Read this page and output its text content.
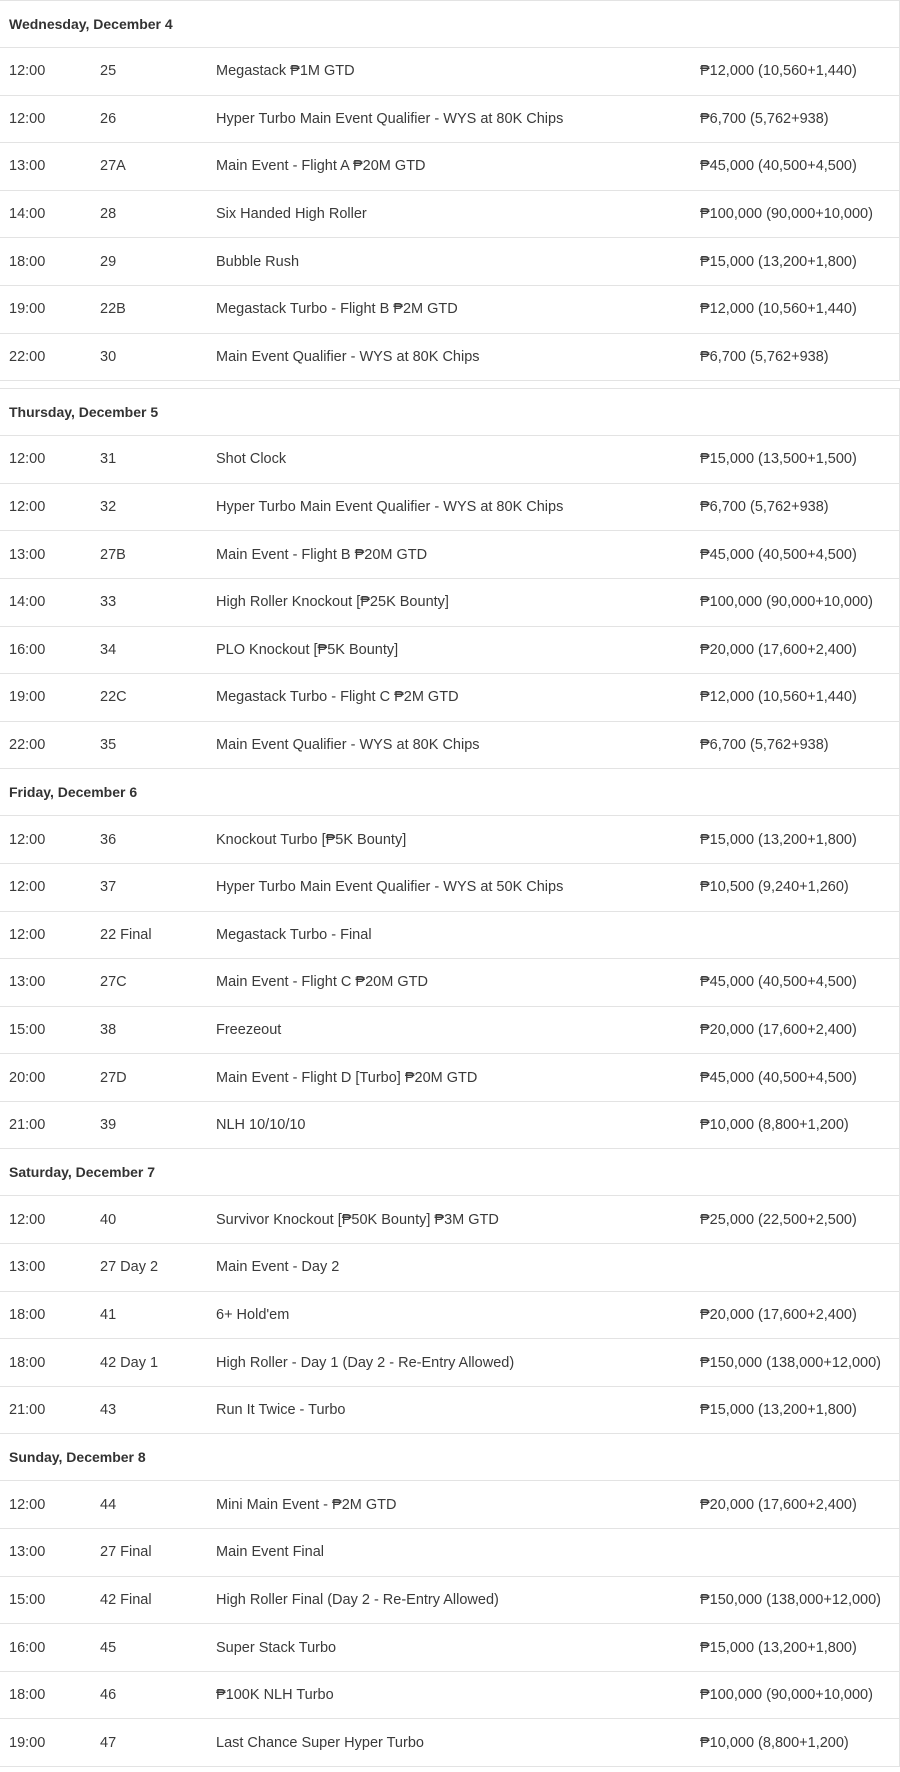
Wednesday, December 4
12:00	25	Megastack ₱1M GTD	₱12,000 (10,560+1,440)
12:00	26	Hyper Turbo Main Event Qualifier - WYS at 80K Chips	₱6,700 (5,762+938)
13:00	27A	Main Event - Flight A ₱20M GTD	₱45,000 (40,500+4,500)
14:00	28	Six Handed High Roller	₱100,000 (90,000+10,000)
18:00	29	Bubble Rush	₱15,000 (13,200+1,800)
19:00	22B	Megastack Turbo - Flight B ₱2M GTD	₱12,000 (10,560+1,440)
22:00	30	Main Event Qualifier - WYS at 80K Chips	₱6,700 (5,762+938)
Thursday, December 5
12:00	31	Shot Clock	₱15,000 (13,500+1,500)
12:00	32	Hyper Turbo Main Event Qualifier - WYS at 80K Chips	₱6,700 (5,762+938)
13:00	27B	Main Event - Flight B ₱20M GTD	₱45,000 (40,500+4,500)
14:00	33	High Roller Knockout [₱25K Bounty]	₱100,000 (90,000+10,000)
16:00	34	PLO Knockout [₱5K Bounty]	₱20,000 (17,600+2,400)
19:00	22C	Megastack Turbo - Flight C ₱2M GTD	₱12,000 (10,560+1,440)
22:00	35	Main Event Qualifier - WYS at 80K Chips	₱6,700 (5,762+938)
Friday, December 6
12:00	36	Knockout Turbo [₱5K Bounty]	₱15,000 (13,200+1,800)
12:00	37	Hyper Turbo Main Event Qualifier - WYS at 50K Chips	₱10,500 (9,240+1,260)
12:00	22 Final	Megastack Turbo - Final
13:00	27C	Main Event - Flight C ₱20M GTD	₱45,000 (40,500+4,500)
15:00	38	Freezeout	₱20,000 (17,600+2,400)
20:00	27D	Main Event - Flight D [Turbo] ₱20M GTD	₱45,000 (40,500+4,500)
21:00	39	NLH 10/10/10	₱10,000 (8,800+1,200)
Saturday, December 7
12:00	40	Survivor Knockout [₱50K Bounty] ₱3M GTD	₱25,000 (22,500+2,500)
13:00	27 Day 2	Main Event - Day 2
18:00	41	6+ Hold'em	₱20,000 (17,600+2,400)
18:00	42 Day 1	High Roller - Day 1 (Day 2 - Re-Entry Allowed)	₱150,000 (138,000+12,000)
21:00	43	Run It Twice - Turbo	₱15,000 (13,200+1,800)
Sunday, December 8
12:00	44	Mini Main Event - ₱2M GTD	₱20,000 (17,600+2,400)
13:00	27 Final	Main Event Final
15:00	42 Final	High Roller Final (Day 2 - Re-Entry Allowed)	₱150,000 (138,000+12,000)
16:00	45	Super Stack Turbo	₱15,000 (13,200+1,800)
18:00	46	₱100K NLH Turbo	₱100,000 (90,000+10,000)
19:00	47	Last Chance Super Hyper Turbo	₱10,000 (8,800+1,200)
